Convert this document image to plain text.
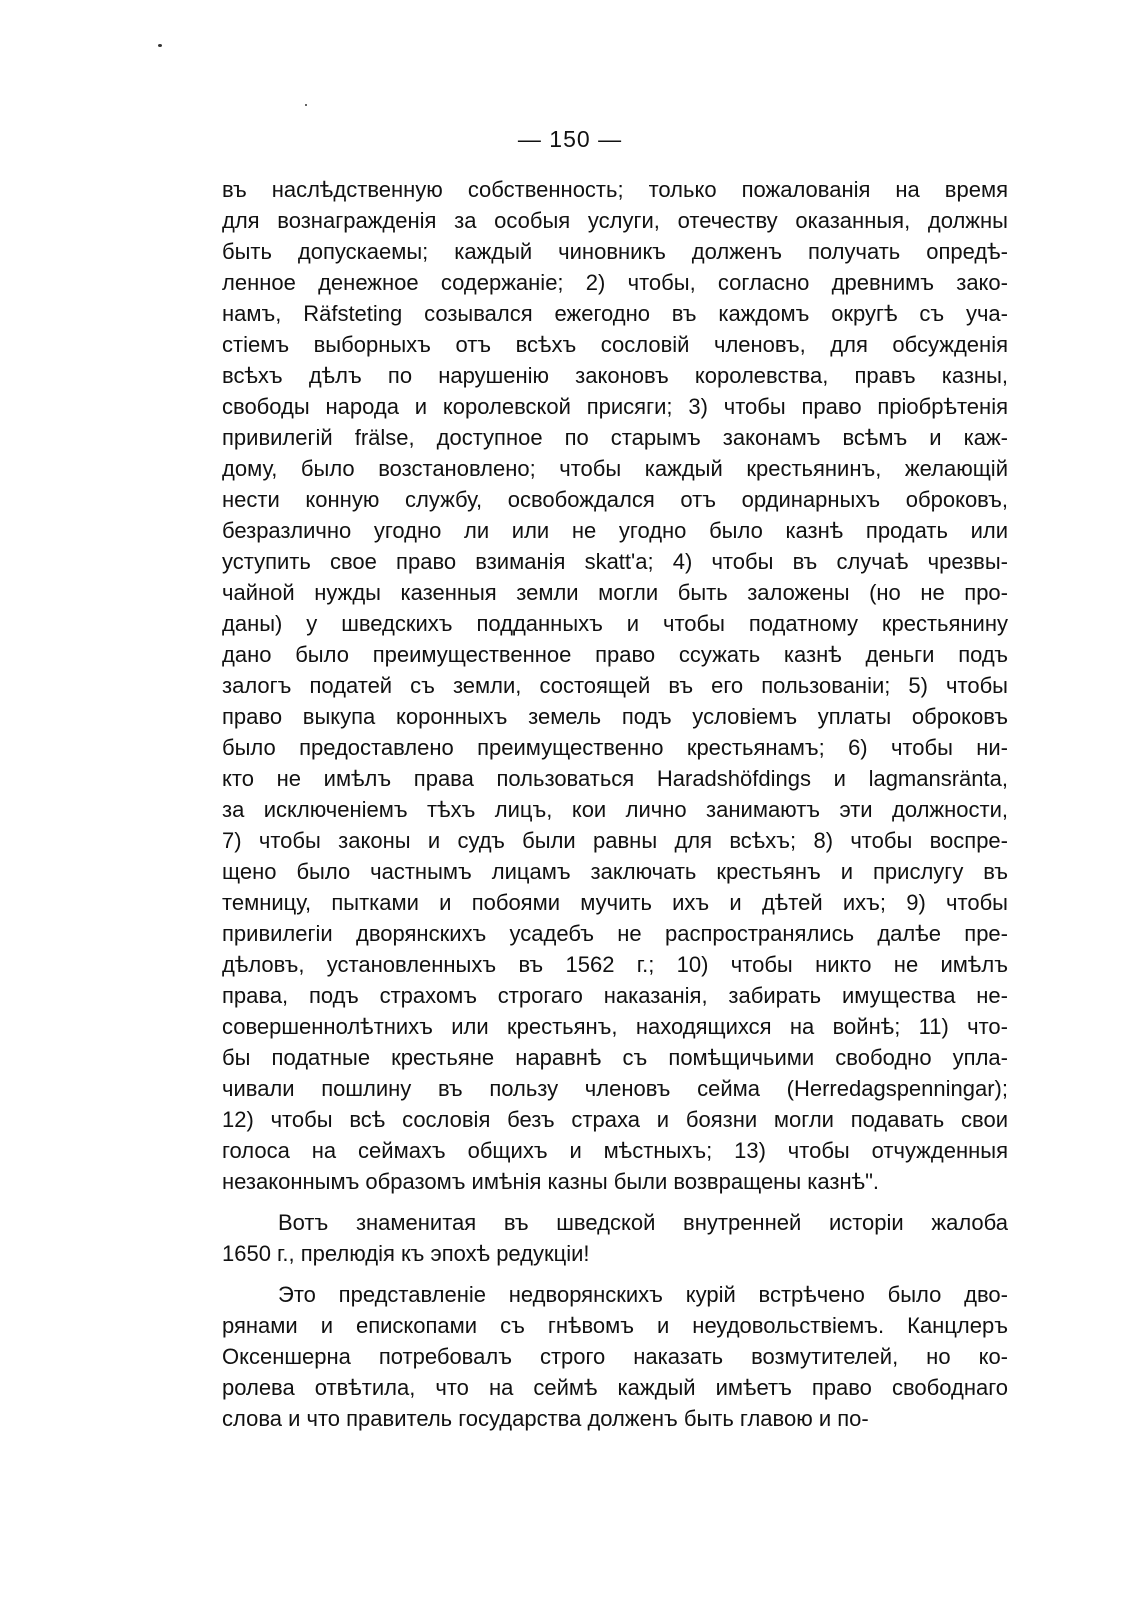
— 150 —
въ наслѣдственную собственность; только пожалованія на время
для вознагражденія за особыя услуги, отечеству оказанныя, должны
быть допускаемы; каждый чиновникъ долженъ получать опредѣ-
ленное денежное содержаніе; 2) чтобы, согласно древнимъ зако-
намъ, Räfsteting созывался ежегодно въ каждомъ округѣ съ уча-
стіемъ выборныхъ отъ всѣхъ сословій членовъ, для обсужденія
всѣхъ дѣлъ по нарушенію законовъ королевства, правъ казны,
свободы народа и королевской присяги; 3) чтобы право пріобрѣтенія
привилегій frälse, доступное по старымъ законамъ всѣмъ и каж-
дому, было возстановлено; чтобы каждый крестьянинъ, желающій
нести конную службу, освобождался отъ ординарныхъ оброковъ,
безразлично угодно ли или не угодно было казнѣ продать или
уступить свое право взиманія skatt'a; 4) чтобы въ случаѣ чрезвы-
чайной нужды казенныя земли могли быть заложены (но не про-
даны) у шведскихъ подданныхъ и чтобы податному крестьянину
дано было преимущественное право ссужать казнѣ деньги подъ
залогъ податей съ земли, состоящей въ его пользованіи; 5) чтобы
право выкупа коронныхъ земель подъ условіемъ уплаты оброковъ
было предоставлено преимущественно крестьянамъ; 6) чтобы ни-
кто не имѣлъ права пользоваться Haradshöfdings и lagmansränta,
за исключеніемъ тѣхъ лицъ, кои лично занимаютъ эти должности,
7) чтобы законы и судъ были равны для всѣхъ; 8) чтобы воспре-
щено было частнымъ лицамъ заключать крестьянъ и прислугу въ
темницу, пытками и побоями мучить ихъ и дѣтей ихъ; 9) чтобы
привилегіи дворянскихъ усадебъ не распространялись далѣе пре-
дѣловъ, установленныхъ въ 1562 г.; 10) чтобы никто не имѣлъ
права, подъ страхомъ строгаго наказанія, забирать имущества не-
совершеннолѣтнихъ или крестьянъ, находящихся на войнѣ; 11) что-
бы податные крестьяне наравнѣ съ помѣщичьими свободно упла-
чивали пошлину въ пользу членовъ сейма (Herredagspenningar);
12) чтобы всѣ сословія безъ страха и боязни могли подавать свои
голоса на сеймахъ общихъ и мѣстныхъ; 13) чтобы отчужденныя
незаконнымъ образомъ имѣнія казны были возвращены казнѣ".
Вотъ знаменитая въ шведской внутренней исторіи жалоба
1650 г., прелюдія къ эпохѣ редукціи!
Это представленіе недворянскихъ курій встрѣчено было дво-
рянами и епископами съ гнѣвомъ и неудовольствіемъ. Канцлеръ
Оксеншерна потребовалъ строго наказать возмутителей, но ко-
ролева отвѣтила, что на сеймѣ каждый имѣетъ право свободнаго
слова и что правитель государства долженъ быть главою и по-
